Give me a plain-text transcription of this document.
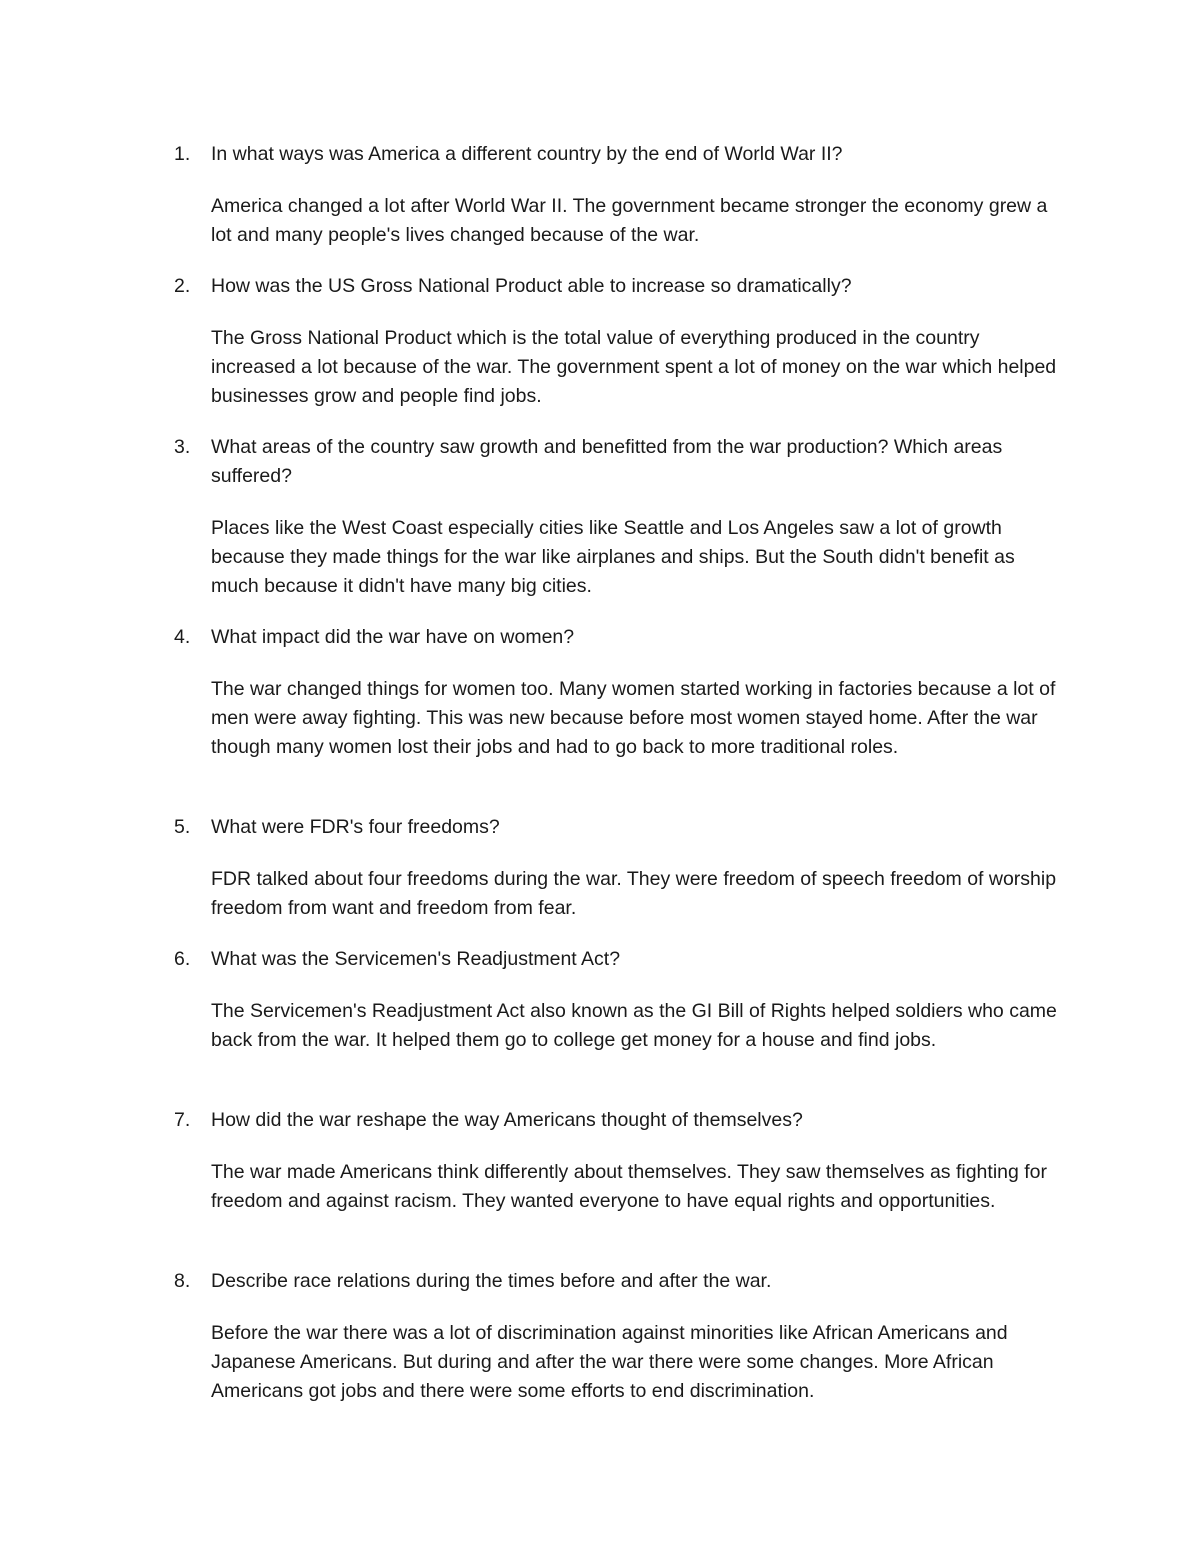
1. In what ways was America a different country by the end of World War II?

America changed a lot after World War II. The government became stronger the economy grew a lot and many people's lives changed because of the war.

2. How was the US Gross National Product able to increase so dramatically?

The Gross National Product which is the total value of everything produced in the country increased a lot because of the war. The government spent a lot of money on the war which helped businesses grow and people find jobs.

3. What areas of the country saw growth and benefitted from the war production? Which areas suffered?

Places like the West Coast especially cities like Seattle and Los Angeles saw a lot of growth because they made things for the war like airplanes and ships. But the South didn't benefit as much because it didn't have many big cities.

4. What impact did the war have on women?

The war changed things for women too. Many women started working in factories because a lot of men were away fighting. This was new because before most women stayed home. After the war though many women lost their jobs and had to go back to more traditional roles.

5. What were FDR's four freedoms?

FDR talked about four freedoms during the war. They were freedom of speech freedom of worship freedom from want and freedom from fear.

6. What was the Servicemen's Readjustment Act?

The Servicemen's Readjustment Act also known as the GI Bill of Rights helped soldiers who came back from the war. It helped them go to college get money for a house and find jobs.

7. How did the war reshape the way Americans thought of themselves?

The war made Americans think differently about themselves. They saw themselves as fighting for freedom and against racism. They wanted everyone to have equal rights and opportunities.

8. Describe race relations during the times before and after the war.

Before the war there was a lot of discrimination against minorities like African Americans and Japanese Americans. But during and after the war there were some changes. More African Americans got jobs and there were some efforts to end discrimination.
